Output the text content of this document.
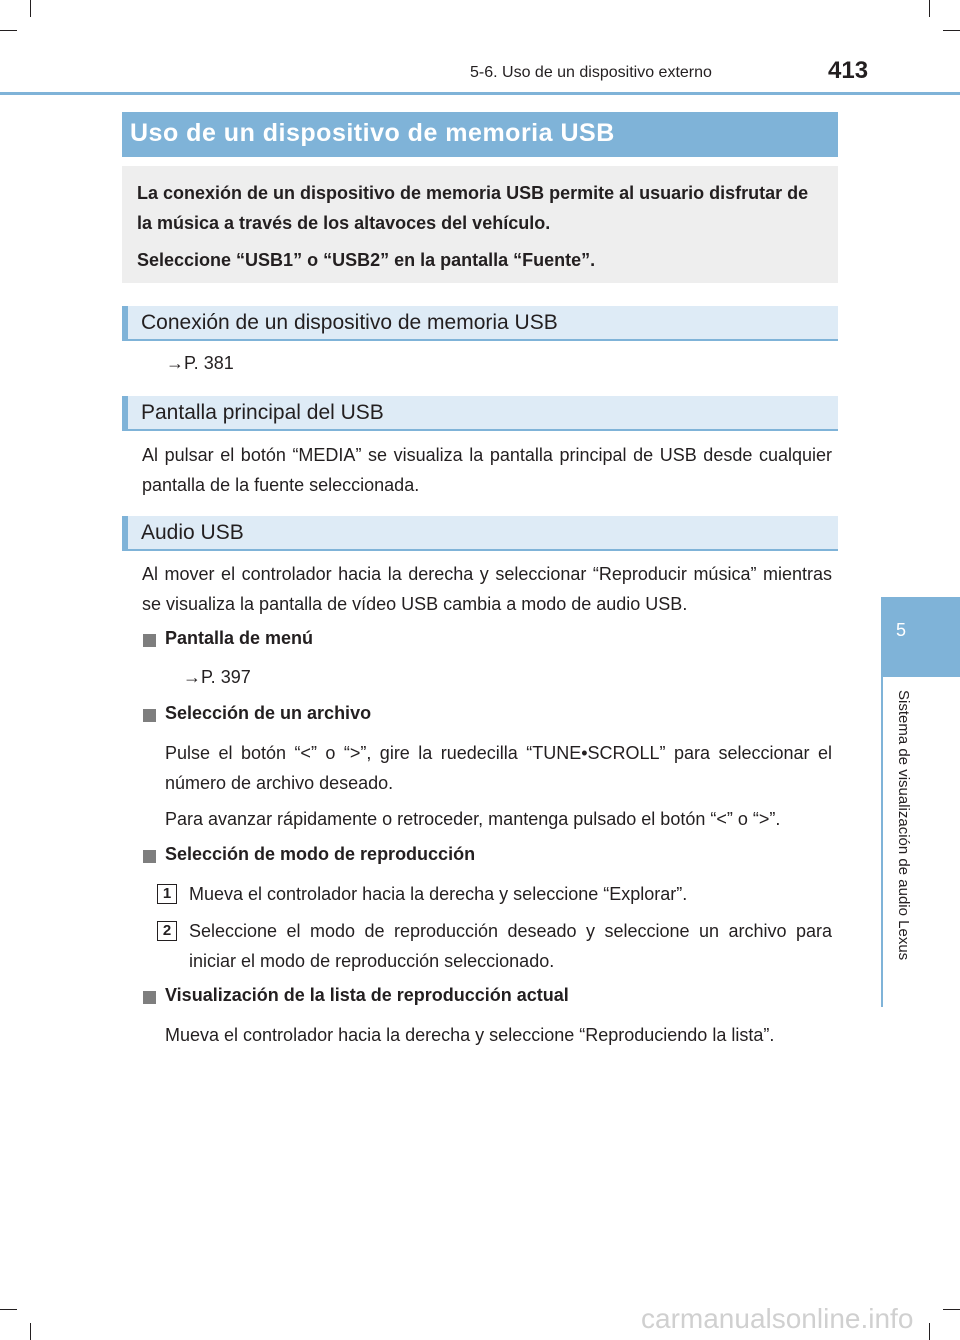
5-6. Uso de un dispositivo externo	413
5
Sistema de visualización de audio Lexus
Uso de un dispositivo de memoria USB

La conexión de un dispositivo de memoria USB permite al usuario disfrutar de la música a través de los altavoces del vehículo.

Seleccione “USB1” o “USB2” en la pantalla “Fuente”.

Conexión de un dispositivo de memoria USB
→P. 381
Pantalla principal del USB
Al pulsar el botón “MEDIA” se visualiza la pantalla principal de USB desde cualquier pantalla de la fuente seleccionada.
Audio USB
Al mover el controlador hacia la derecha y seleccionar “Reproducir música” mientras se visualiza la pantalla de vídeo USB cambia a modo de audio USB.
Pantalla de menú
→P. 397
Selección de un archivo
Pulse el botón “<” o “>”, gire la ruedecilla “TUNE•SCROLL” para seleccionar el número de archivo deseado.
Para avanzar rápidamente o retroceder, mantenga pulsado el botón “<” o “>”.
Selección de modo de reproducción
1 Mueva el controlador hacia la derecha y seleccione “Explorar”.
2 Seleccione el modo de reproducción deseado y seleccione un archivo para iniciar el modo de reproducción seleccionado.
Visualización de la lista de reproducción actual
Mueva el controlador hacia la derecha y seleccione “Reproduciendo la lista”.
carmanualsonline.info
